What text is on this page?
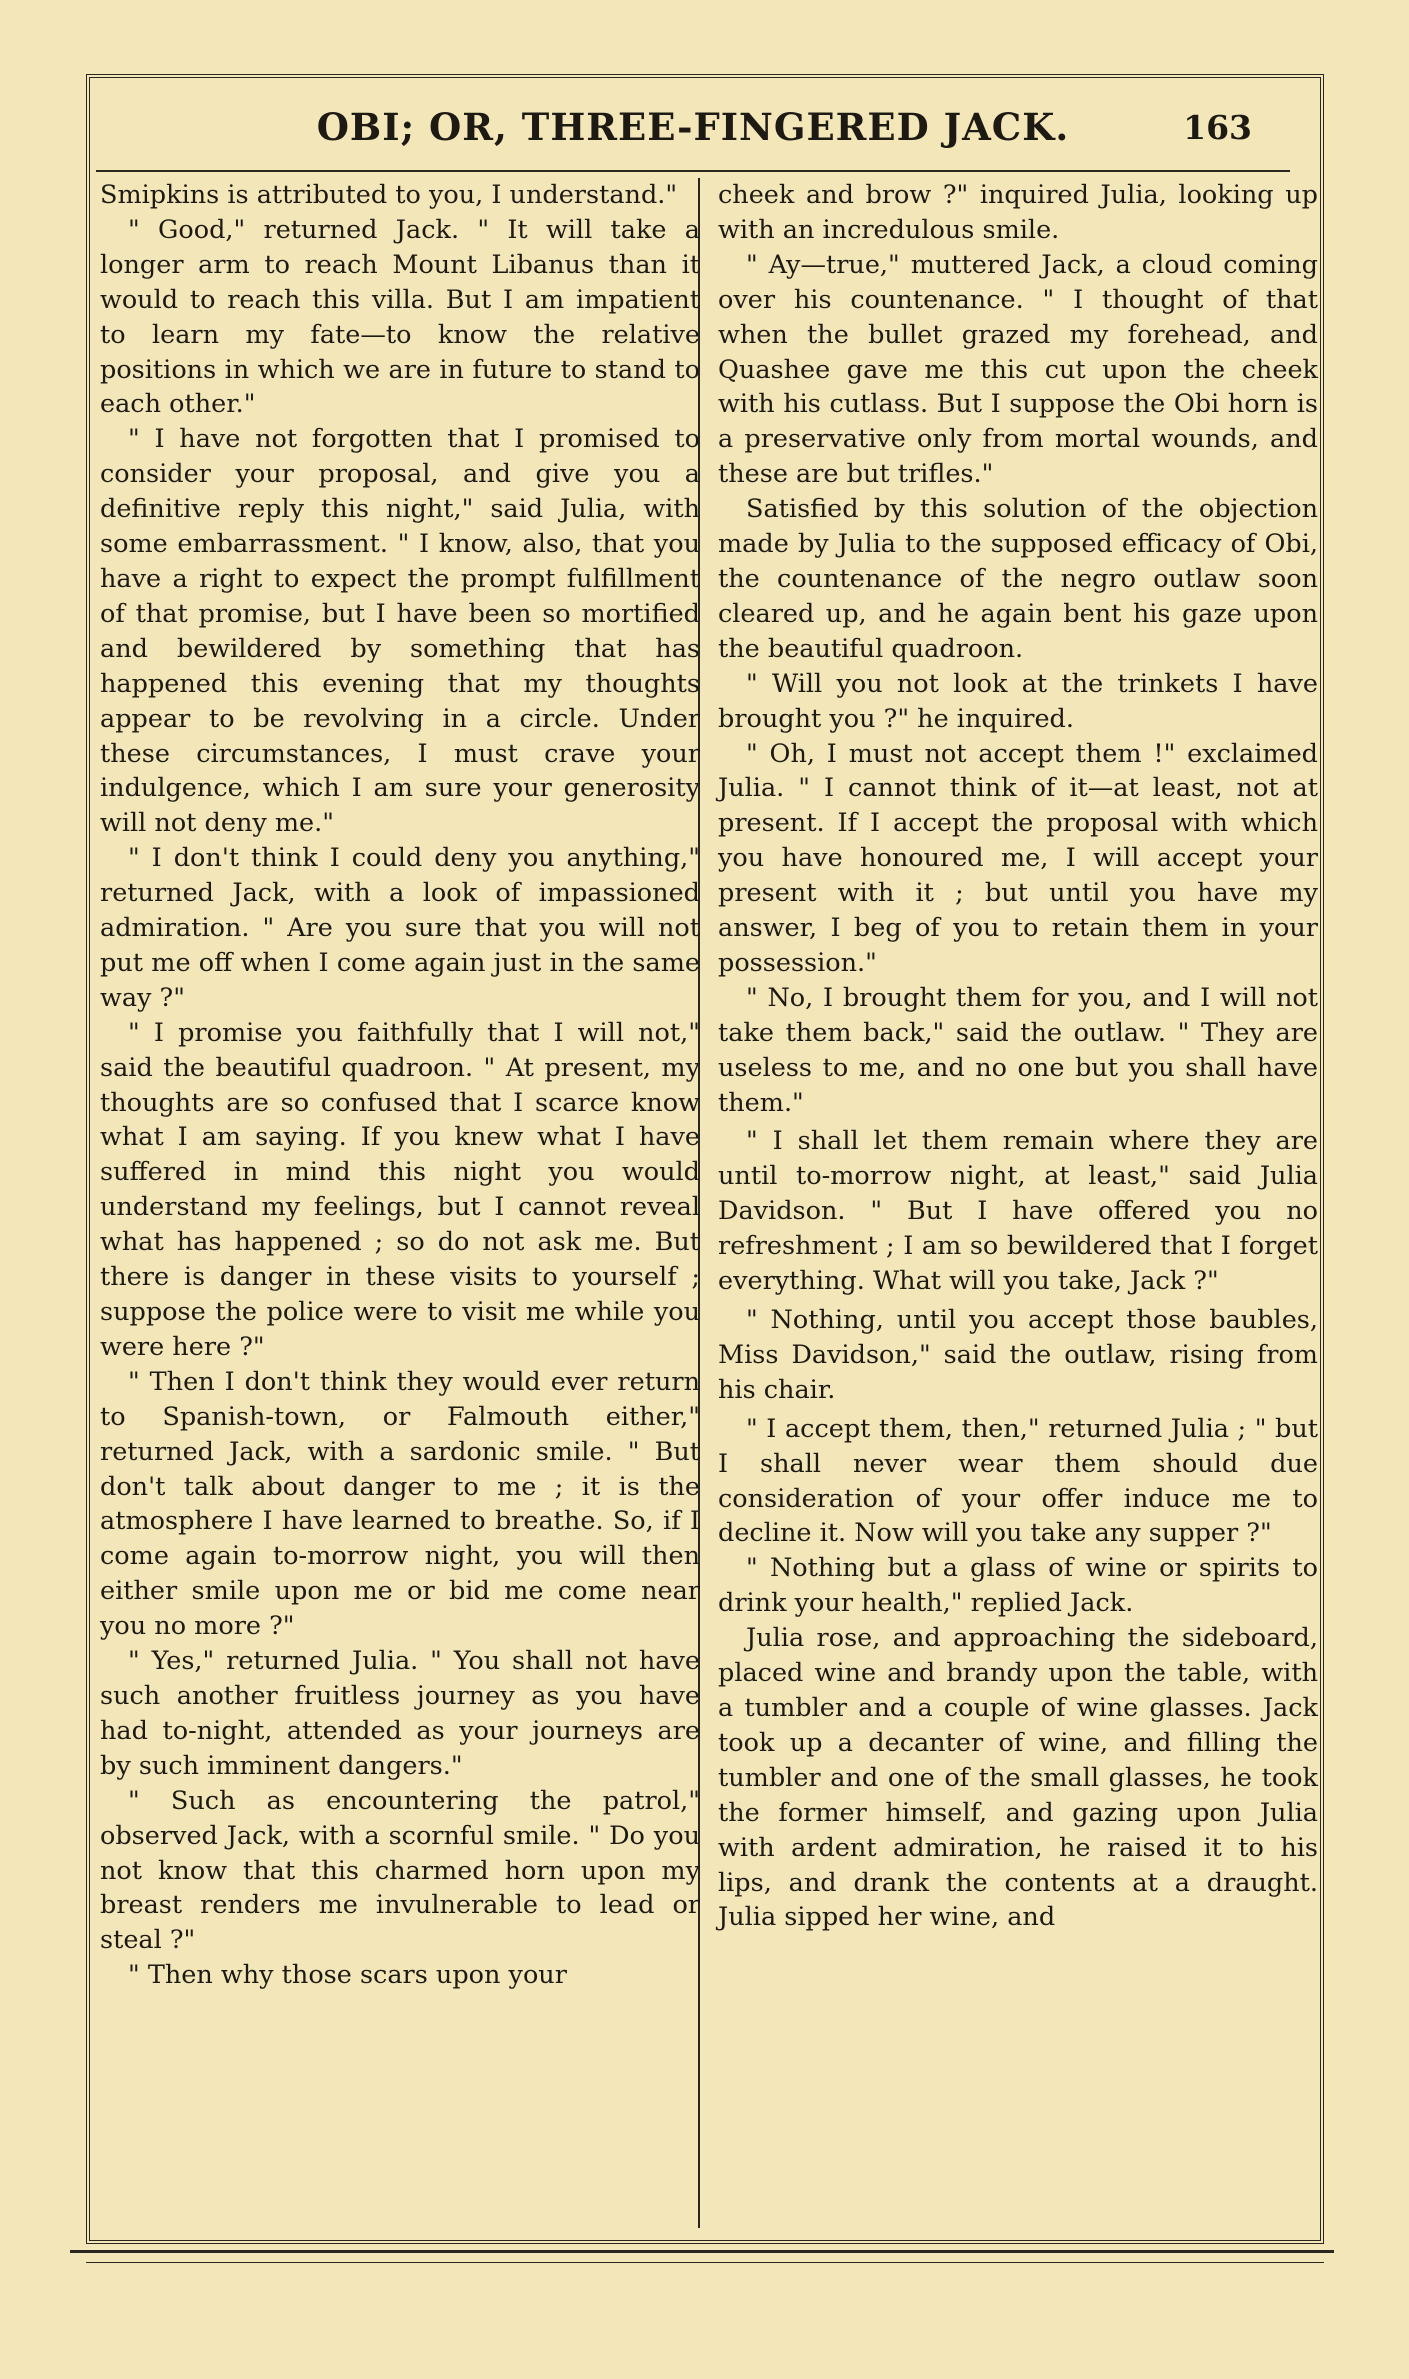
OBI; OR, THREE-FINGERED JACK.	163

Smipkins is attributed to you, I understand."

" Good," returned Jack. " It will take a longer arm to reach Mount Libanus than it would to reach this villa. But I am impatient to learn my fate—to know the relative positions in which we are in future to stand to each other."

" I have not forgotten that I promised to consider your proposal, and give you a definitive reply this night," said Julia, with some embarrassment. " I know, also, that you have a right to expect the prompt fulfillment of that promise, but I have been so mortified and bewildered by something that has happened this evening that my thoughts appear to be revolving in a circle. Under these circumstances, I must crave your indulgence, which I am sure your generosity will not deny me."

" I don't think I could deny you anything," returned Jack, with a look of impassioned admiration. " Are you sure that you will not put me off when I come again just in the same way ?"

" I promise you faithfully that I will not," said the beautiful quadroon. " At present, my thoughts are so confused that I scarce know what I am saying. If you knew what I have suffered in mind this night you would understand my feelings, but I cannot reveal what has happened ; so do not ask me. But there is danger in these visits to yourself ; suppose the police were to visit me while you were here ?"

" Then I don't think they would ever return to Spanish-town, or Falmouth either," returned Jack, with a sardonic smile. " But don't talk about danger to me ; it is the atmosphere I have learned to breathe. So, if I come again to-morrow night, you will then either smile upon me or bid me come near you no more ?"

" Yes," returned Julia. " You shall not have such another fruitless journey as you have had to-night, attended as your journeys are by such imminent dangers."

" Such as encountering the patrol," observed Jack, with a scornful smile. " Do you not know that this charmed horn upon my breast renders me invulnerable to lead or steal ?"

" Then why those scars upon your

cheek and brow ?" inquired Julia, looking up with an incredulous smile.

" Ay—true," muttered Jack, a cloud coming over his countenance. " I thought of that when the bullet grazed my forehead, and Quashee gave me this cut upon the cheek with his cutlass. But I suppose the Obi horn is a preservative only from mortal wounds, and these are but trifles."

Satisfied by this solution of the objection made by Julia to the supposed efficacy of Obi, the countenance of the negro outlaw soon cleared up, and he again bent his gaze upon the beautiful quadroon.

" Will you not look at the trinkets I have brought you ?" he inquired.

" Oh, I must not accept them !" exclaimed Julia. " I cannot think of it—at least, not at present. If I accept the proposal with which you have honoured me, I will accept your present with it ; but until you have my answer, I beg of you to retain them in your possession."

" No, I brought them for you, and I will not take them back," said the outlaw. " They are useless to me, and no one but you shall have them."

" I shall let them remain where they are until to-morrow night, at least," said Julia Davidson. " But I have offered you no refreshment ; I am so bewildered that I forget everything. What will you take, Jack ?"

" Nothing, until you accept those baubles, Miss Davidson," said the outlaw, rising from his chair.

" I accept them, then," returned Julia ; " but I shall never wear them should due consideration of your offer induce me to decline it. Now will you take any supper ?"

" Nothing but a glass of wine or spirits to drink your health," replied Jack.

Julia rose, and approaching the sideboard, placed wine and brandy upon the table, with a tumbler and a couple of wine glasses. Jack took up a decanter of wine, and filling the tumbler and one of the small glasses, he took the former himself, and gazing upon Julia with ardent admiration, he raised it to his lips, and drank the contents at a draught. Julia sipped her wine, and
